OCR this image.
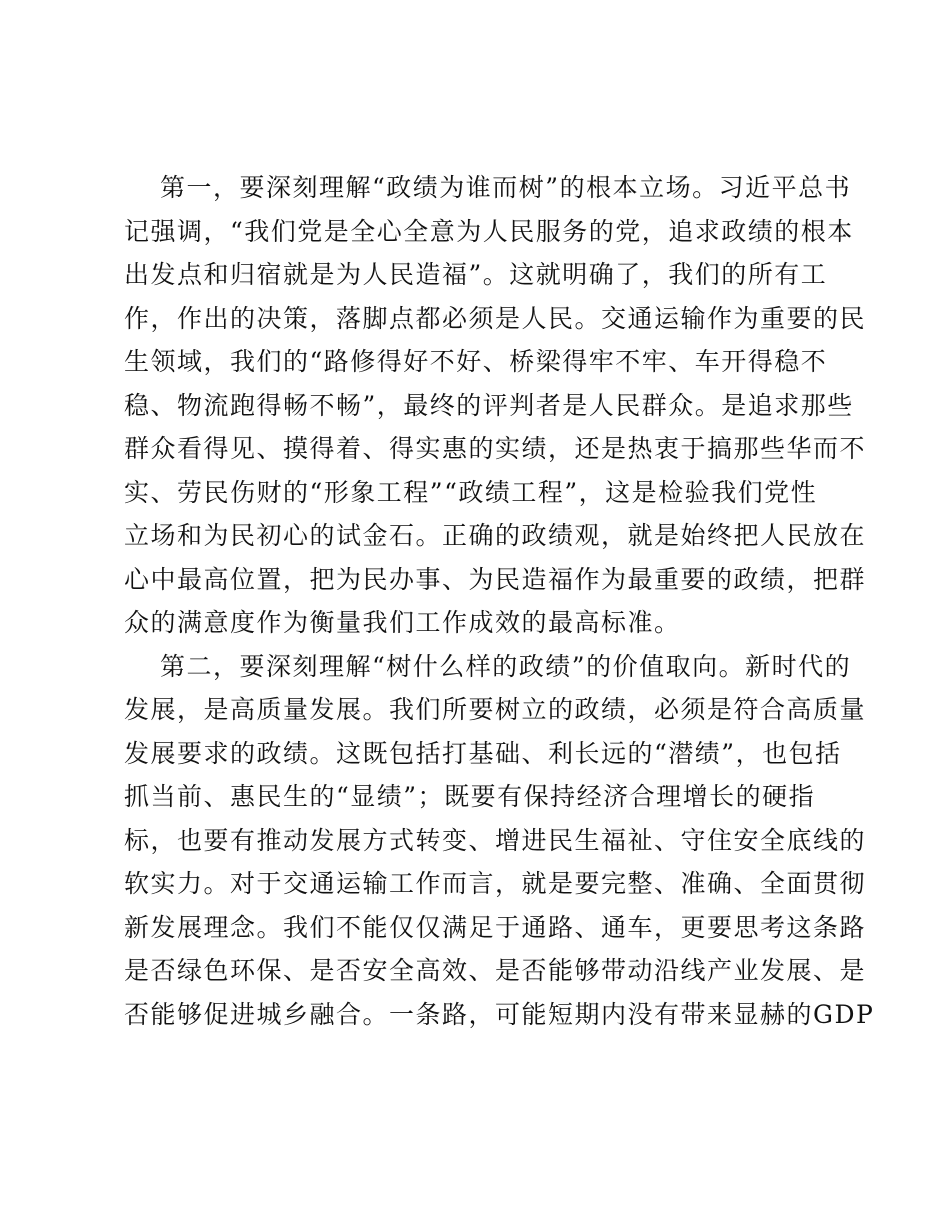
第一，要深刻理解“政绩为谁而树”的根本立场。习近平总书
记强调，“我们党是全心全意为人民服务的党，追求政绩的根本
出发点和归宿就是为人民造福”。这就明确了，我们的所有工
作，作出的决策，落脚点都必须是人民。交通运输作为重要的民
生领域，我们的“路修得好不好、桥梁得牢不牢、车开得稳不
稳、物流跑得畅不畅”，最终的评判者是人民群众。是追求那些
群众看得见、摸得着、得实惠的实绩，还是热衷于搞那些华而不
实、劳民伤财的“形象工程”“政绩工程”，这是检验我们党性
立场和为民初心的试金石。正确的政绩观，就是始终把人民放在
心中最高位置，把为民办事、为民造福作为最重要的政绩，把群
众的满意度作为衡量我们工作成效的最高标准。
第二，要深刻理解“树什么样的政绩”的价值取向。新时代的
发展，是高质量发展。我们所要树立的政绩，必须是符合高质量
发展要求的政绩。这既包括打基础、利长远的“潜绩”，也包括
抓当前、惠民生的“显绩”；既要有保持经济合理增长的硬指
标，也要有推动发展方式转变、增进民生福祉、守住安全底线的
软实力。对于交通运输工作而言，就是要完整、准确、全面贯彻
新发展理念。我们不能仅仅满足于通路、通车，更要思考这条路
是否绿色环保、是否安全高效、是否能够带动沿线产业发展、是
否能够促进城乡融合。一条路，可能短期内没有带来显赫的GDP
